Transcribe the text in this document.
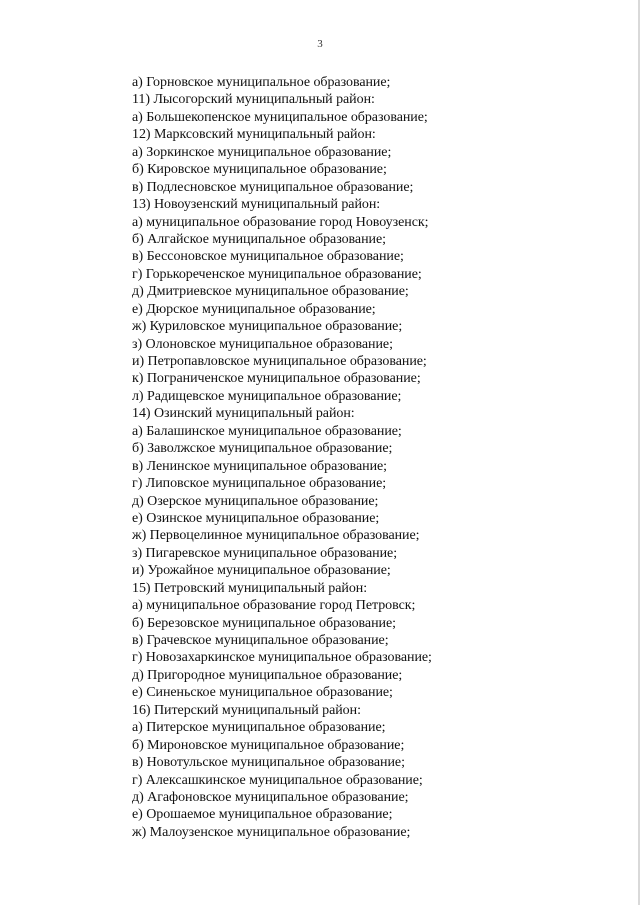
3
а) Горновское муниципальное образование;
11) Лысогорский муниципальный район:
а) Большекопенское муниципальное образование;
12) Марксовский муниципальный район:
а) Зоркинское муниципальное образование;
б) Кировское муниципальное образование;
в) Подлесновское муниципальное образование;
13) Новоузенский муниципальный район:
а) муниципальное образование город Новоузенск;
б) Алгайское муниципальное образование;
в) Бессоновское муниципальное образование;
г) Горькореченское муниципальное образование;
д) Дмитриевское муниципальное образование;
е) Дюрское муниципальное образование;
ж) Куриловское муниципальное образование;
з) Олоновское муниципальное образование;
и) Петропавловское муниципальное образование;
к) Пограниченское муниципальное образование;
л) Радищевское муниципальное образование;
14) Озинский муниципальный район:
а) Балашинское муниципальное образование;
б) Заволжское муниципальное образование;
в) Ленинское муниципальное образование;
г) Липовское муниципальное образование;
д) Озерское муниципальное образование;
е) Озинское муниципальное образование;
ж) Первоцелинное муниципальное образование;
з) Пигаревское муниципальное образование;
и) Урожайное муниципальное образование;
15) Петровский муниципальный район:
а) муниципальное образование город Петровск;
б) Березовское муниципальное образование;
в) Грачевское муниципальное образование;
г) Новозахаркинское муниципальное образование;
д) Пригородное муниципальное образование;
е) Синеньское муниципальное образование;
16) Питерский муниципальный район:
а) Питерское муниципальное образование;
б) Мироновское муниципальное образование;
в) Новотульское муниципальное образование;
г) Алексашкинское муниципальное образование;
д) Агафоновское муниципальное образование;
е) Орошаемое муниципальное образование;
ж) Малоузенское муниципальное образование;
